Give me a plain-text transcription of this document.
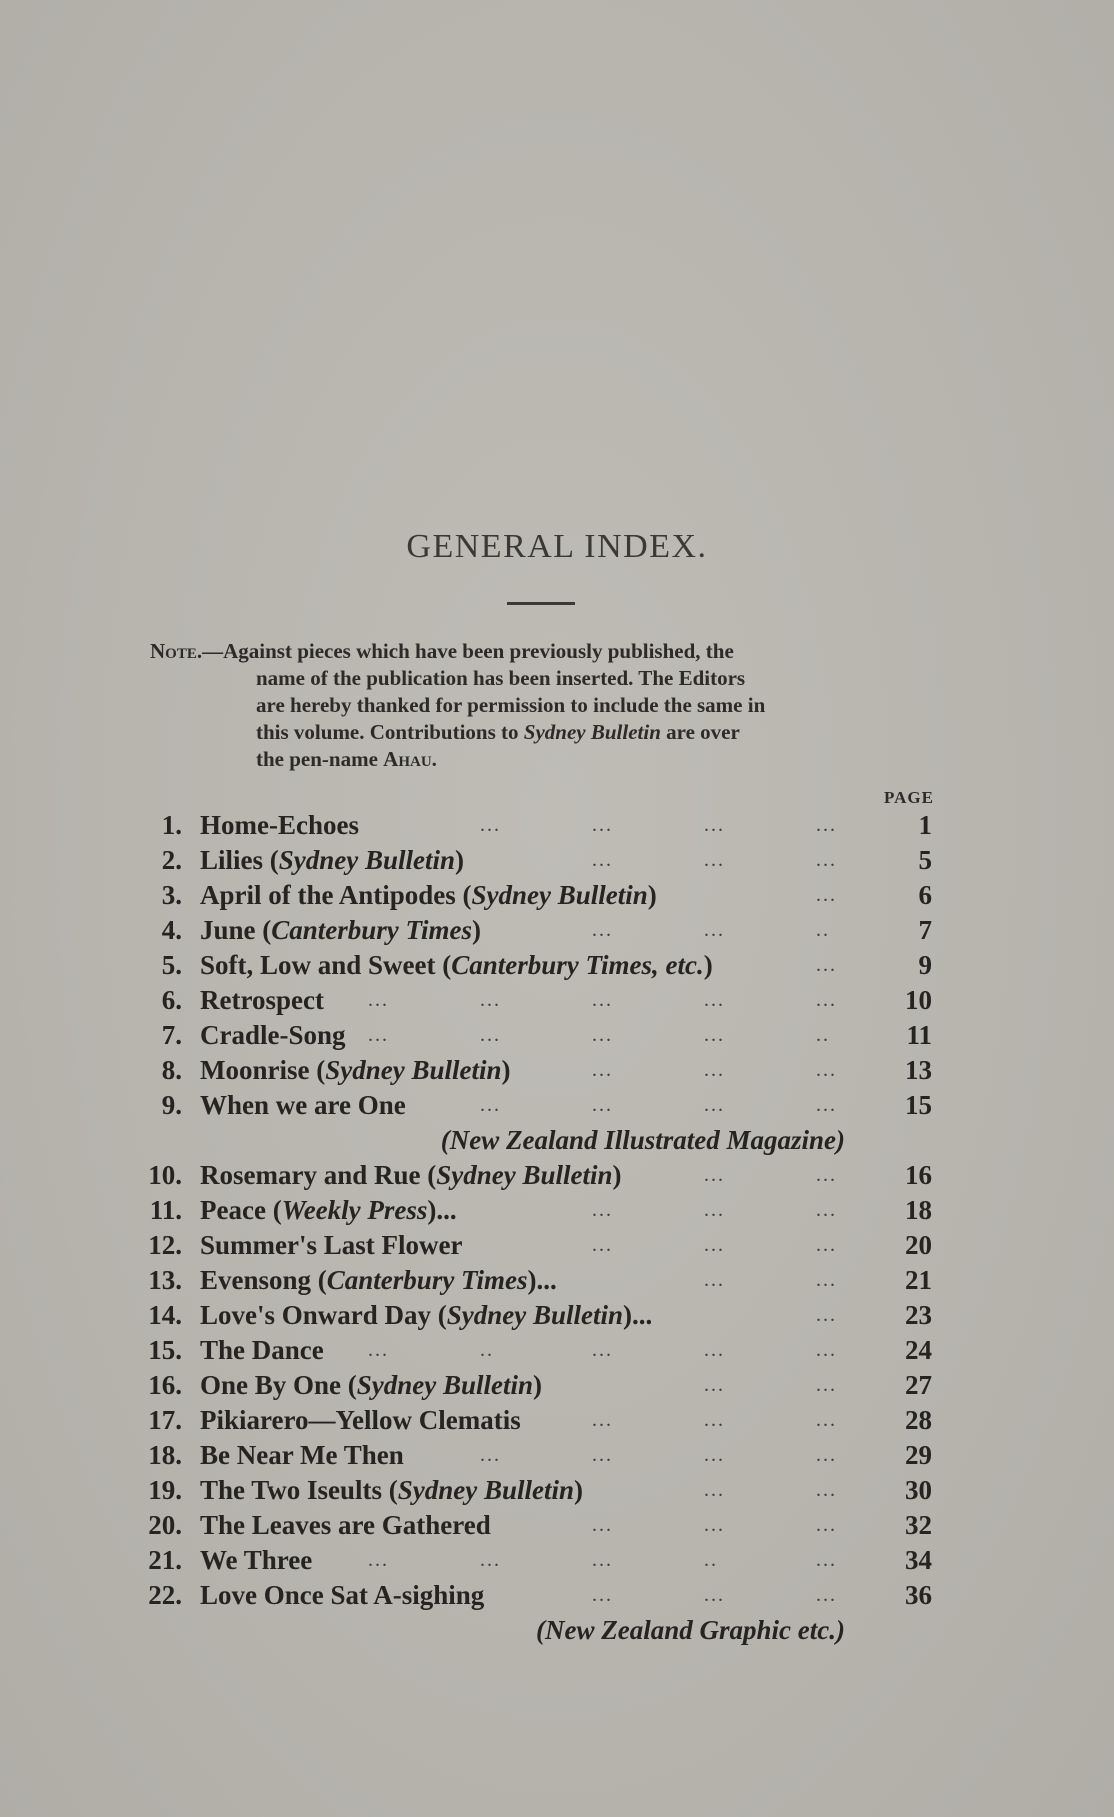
GENERAL INDEX.
Note.—Against pieces which have been previously published, the
name of the publication has been inserted. The Editors
are hereby thanked for permission to include the same in
this volume. Contributions to Sydney Bulletin are over
the pen-name Ahau.
PAGE
1. Home-Echoes	...	...	...	...	1
2. Lilies (Sydney Bulletin)	...	...	...	5
3. April of the Antipodes (Sydney Bulletin)	...	6
4. June (Canterbury Times)	...	...	..	7
5. Soft, Low and Sweet (Canterbury Times, etc.)	...	9
6. Retrospect ...	...	...	...	...	10
7. Cradle-Song ...	...	...	...	..	11
8. Moonrise (Sydney Bulletin)	...	...	...	13
9. When we are One	...	...	...	...	15
(New Zealand Illustrated Magazine)
10. Rosemary and Rue (Sydney Bulletin)	...	...	16
11. Peace (Weekly Press)...	...	...	...	18
12. Summer's Last Flower	...	...	...	20
13. Evensong (Canterbury Times)...	...	...	21
14. Love's Onward Day (Sydney Bulletin)...	...	23
15. The Dance ...	..	...	...	...	24
16. One By One (Sydney Bulletin)	...	...	27
17. Pikiarero—Yellow Clematis	...	...	...	28
18. Be Near Me Then	...	...	...	...	29
19. The Two Iseults (Sydney Bulletin)	...	...	30
20. The Leaves are Gathered	...	...	...	32
21. We Three	...	...	...	..	...	34
22. Love Once Sat A-sighing	...	...	...	36
(New Zealand Graphic etc.)
